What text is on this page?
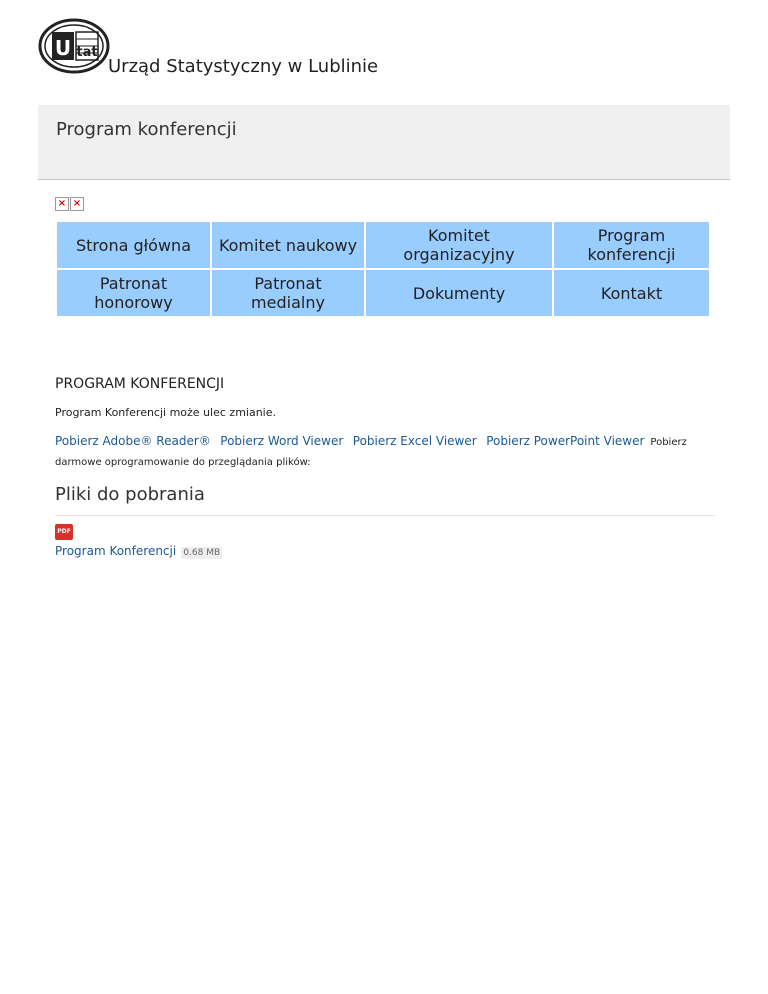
U tat
Urząd Statystyczny w Lublinie
Program konferencji
× ×
Strona główna	Komitet naukowy	Komitet organizacyjny	Program konferencji
Patronat honorowy	Patronat medialny	Dokumenty	Kontakt
PROGRAM KONFERENCJI

Program Konferencji może ulec zmianie.

Pobierz Adobe® Reader® Pobierz Word Viewer Pobierz Excel Viewer Pobierz PowerPoint Viewer Pobierz darmowe oprogramowanie do przeglądania plików:
Pliki do pobrania
PDF
Program Konferencji 0.68 MB
